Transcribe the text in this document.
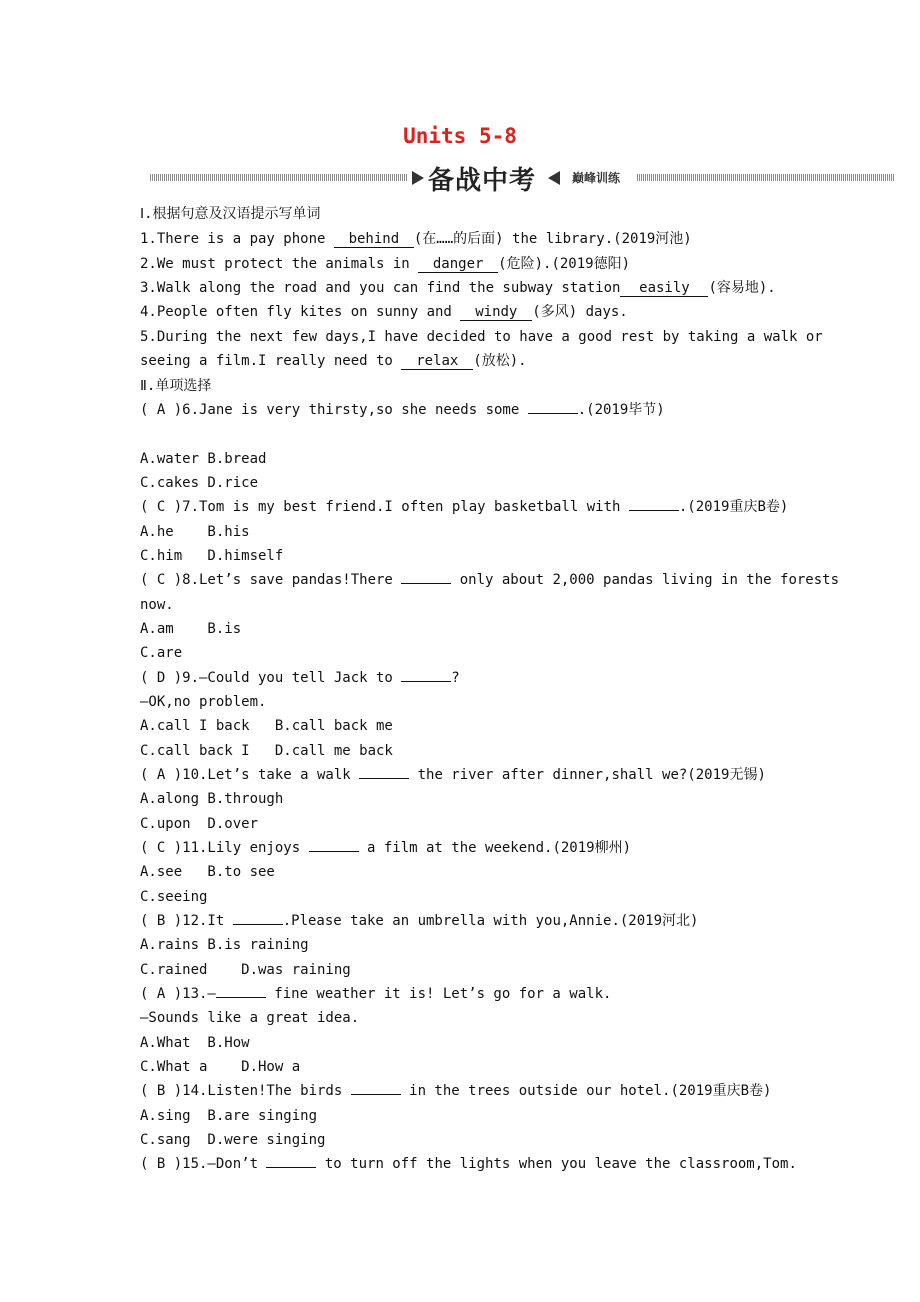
Units 5-8
备战中考	巅峰训练
Ⅰ.根据句意及汉语提示写单词
1.There is a pay phone behind (在……的后面) the library.(2019河池)
2.We must protect the animals in danger (危险).(2019德阳)
3.Walk along the road and you can find the subway station easily (容易地).
4.People often fly kites on sunny and windy (多风) days.
5.During the next few days,I have decided to have a good rest by taking a walk or
seeing a film.I really need to relax (放松).
Ⅱ.单项选择
( A )6.Jane is very thirsty,so she needs some	.(2019毕节)
A.water B.bread
C.cakes D.rice
( C )7.Tom is my best friend.I often play basketball with	.(2019重庆B卷)
A.he    B.his
C.him   D.himself
( C )8.Let’s save pandas!There	only about 2,000 pandas living in the forests
now.
A.am    B.is
C.are
( D )9.—Could you tell Jack to	?
—OK,no problem.
A.call I back   B.call back me
C.call back I   D.call me back
( A )10.Let’s take a walk	the river after dinner,shall we?(2019无锡)
A.along B.through
C.upon  D.over
( C )11.Lily enjoys	a film at the weekend.(2019柳州)
A.see   B.to see
C.seeing
( B )12.It	.Please take an umbrella with you,Annie.(2019河北)
A.rains B.is raining
C.rained    D.was raining
( A )13.—	fine weather it is! Let’s go for a walk.
—Sounds like a great idea.
A.What  B.How
C.What a    D.How a
( B )14.Listen!The birds	in the trees outside our hotel.(2019重庆B卷)
A.sing  B.are singing
C.sang  D.were singing
( B )15.—Don’t	to turn off the lights when you leave the classroom,Tom.
